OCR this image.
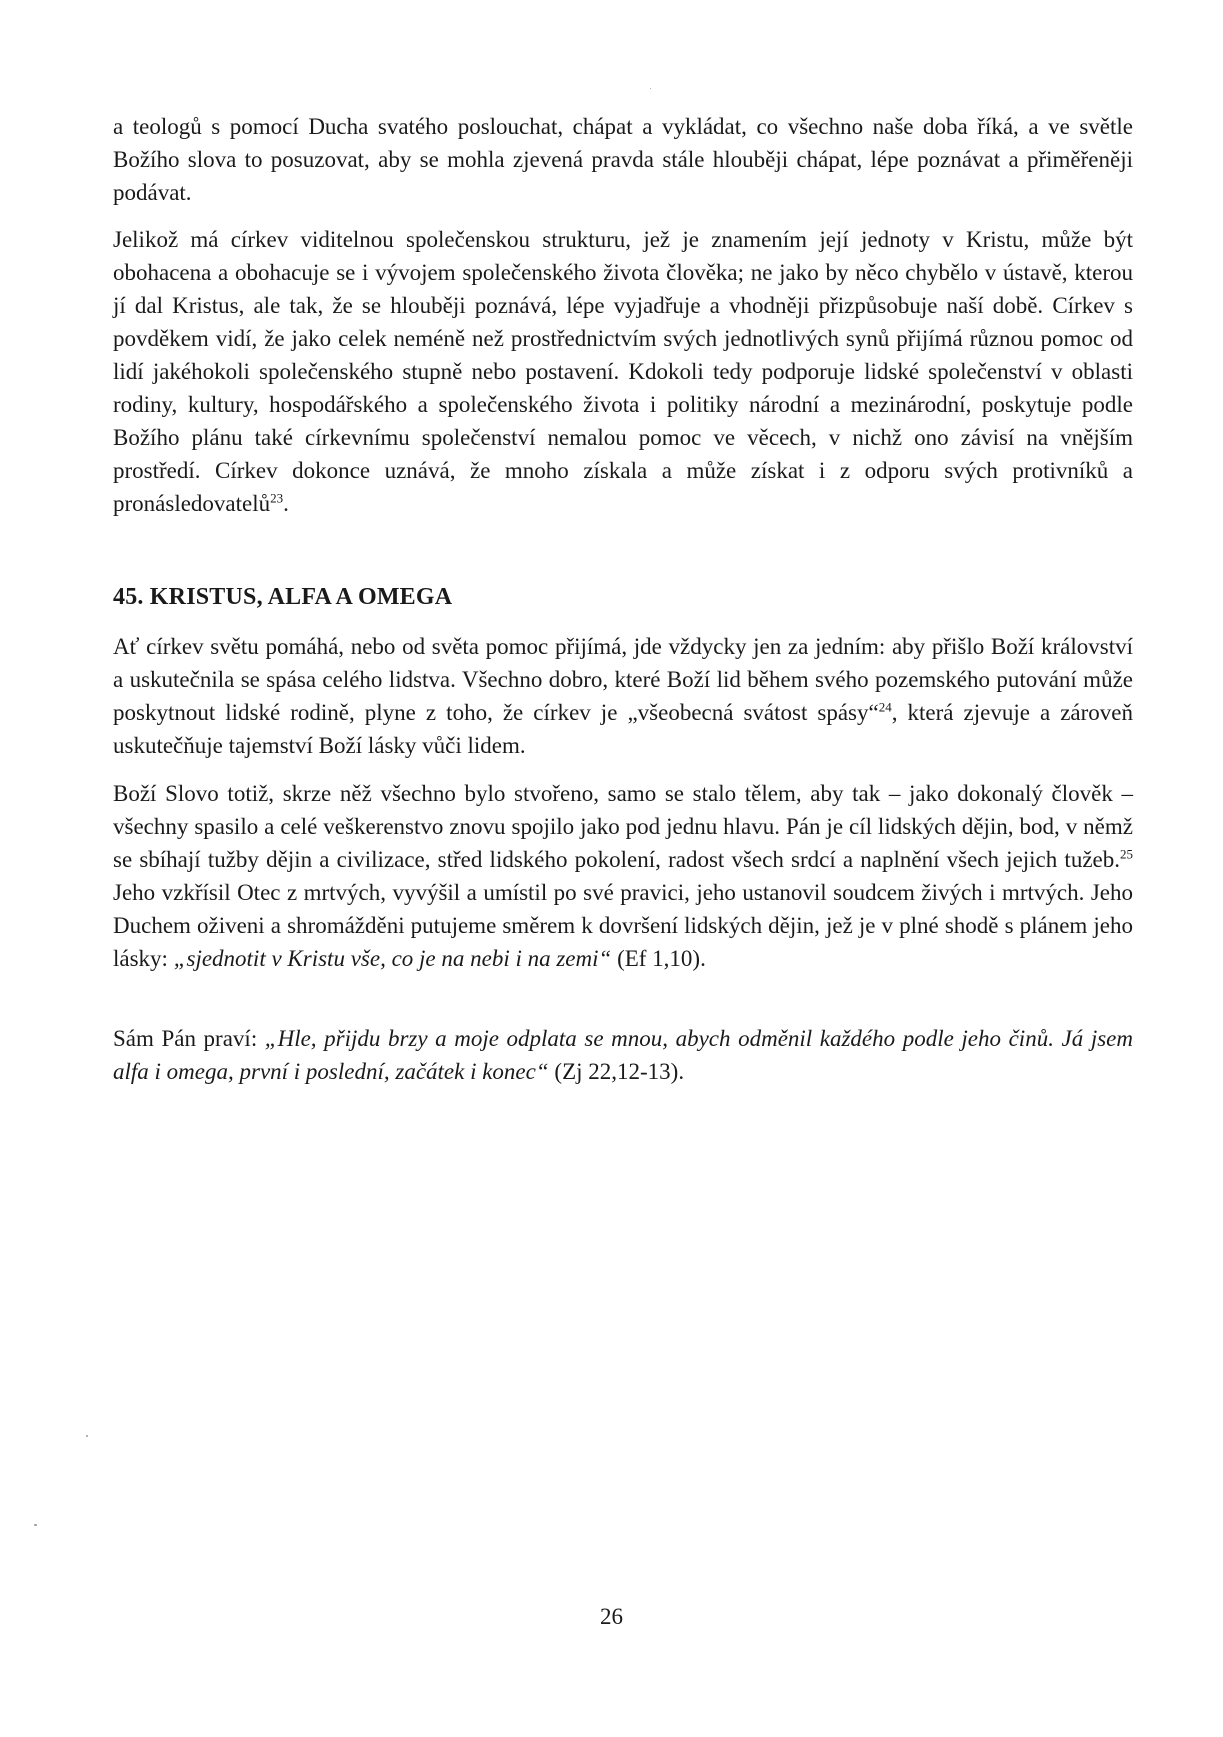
a teologů s pomocí Ducha svatého poslouchat, chápat a vykládat, co všechno naše doba říká, a ve světle Božího slova to posuzovat, aby se mohla zjevená pravda stále hlouběji chápat, lépe poznávat a přiměřeněji podávat.
Jelikož má církev viditelnou společenskou strukturu, jež je znamením její jednoty v Kristu, může být obohacena a obohacuje se i vývojem společenského života člověka; ne jako by něco chybělo v ústavě, kterou jí dal Kristus, ale tak, že se hlouběji poznává, lépe vyjadřuje a vhodněji přizpůsobuje naší době. Církev s povděkem vidí, že jako celek neméně než prostřednictvím svých jednotlivých synů přijímá různou pomoc od lidí jakéhokoli společenského stupně nebo postavení. Kdokoli tedy podporuje lidské společenství v oblasti rodiny, kultury, hospodářského a společenského života i politiky národní a mezinárodní, poskytuje podle Božího plánu také církevnímu společenství nemalou pomoc ve věcech, v nichž ono závisí na vnějším prostředí. Církev dokonce uznává, že mnoho získala a může získat i z odporu svých protivníků a pronásledovatelů$^{23}$.
45. KRISTUS, ALFA A OMEGA
Ať církev světu pomáhá, nebo od světa pomoc přijímá, jde vždycky jen za jedním: aby přišlo Boží království a uskutečnila se spása celého lidstva. Všechno dobro, které Boží lid během svého pozemského putování může poskytnout lidské rodině, plyne z toho, že církev je „všeobecná svátost spásy“$^{24}$, která zjevuje a zároveň uskutečňuje tajemství Boží lásky vůči lidem.
Boží Slovo totiž, skrze něž všechno bylo stvořeno, samo se stalo tělem, aby tak – jako dokonalý člověk – všechny spasilo a celé veškerenstvo znovu spojilo jako pod jednu hlavu. Pán je cíl lidských dějin, bod, v němž se sbíhají tužby dějin a civilizace, střed lidského pokolení, radost všech srdcí a naplnění všech jejich tužeb.$^{25}$ Jeho vzkřísil Otec z mrtvých, vyvýšil a umístil po své pravici, jeho ustanovil soudcem živých i mrtvých. Jeho Duchem oživeni a shromážděni putujeme směrem k dovršení lidských dějin, jež je v plné shodě s plánem jeho lásky: „sjednotit v Kristu vše, co je na nebi i na zemi“ (Ef 1,10).
Sám Pán praví: „Hle, přijdu brzy a moje odplata se mnou, abych odměnil každého podle jeho činů. Já jsem alfa i omega, první i poslední, začátek i konec“ (Zj 22,12-13).
26
